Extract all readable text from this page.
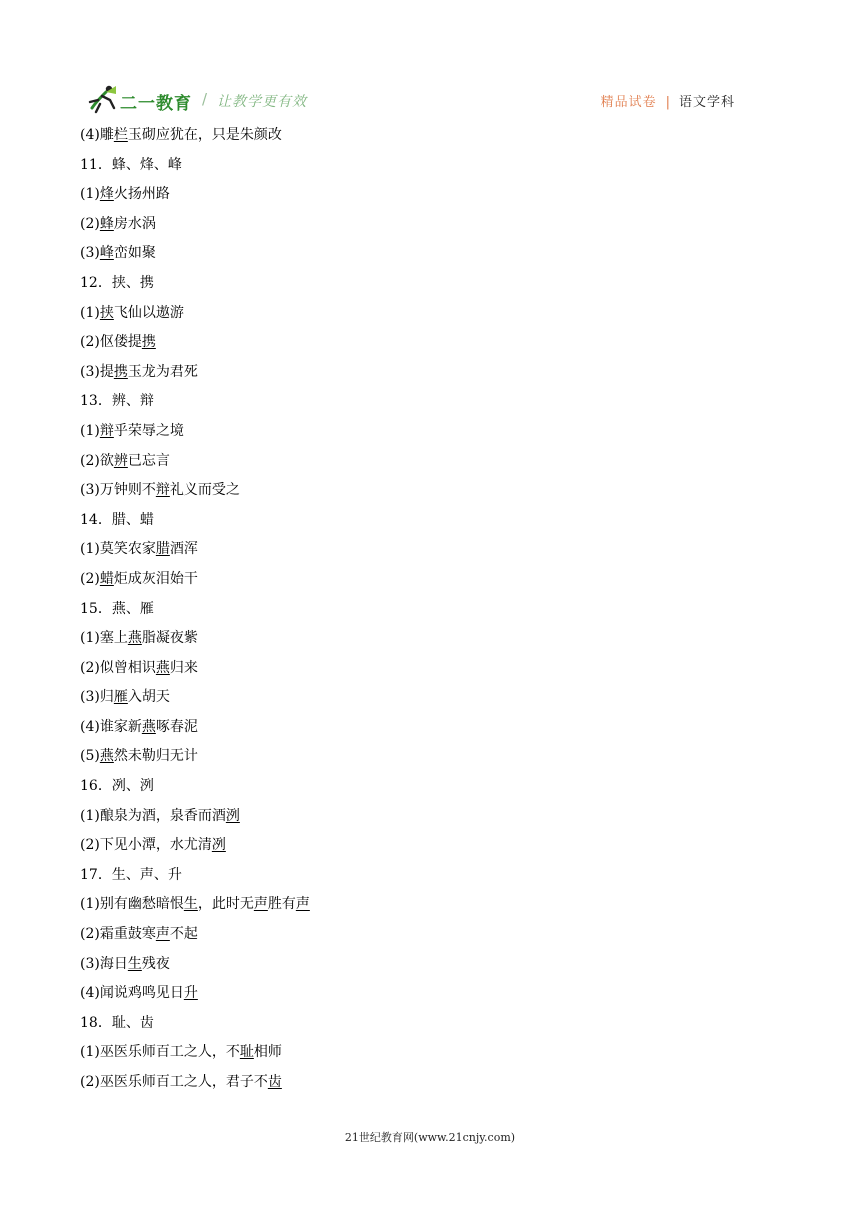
二一教育 / 让教学更有效	精品试卷 | 语文学科
(4)雕栏玉砌应犹在，只是朱颜改
11．蜂、烽、峰
(1)烽火扬州路
(2)蜂房水涡
(3)峰峦如聚
12．挟、携
(1)挟飞仙以遨游
(2)伛偻提携
(3)提携玉龙为君死
13．辨、辩
(1)辩乎荣辱之境
(2)欲辨已忘言
(3)万钟则不辩礼义而受之
14．腊、蜡
(1)莫笑农家腊酒浑
(2)蜡炬成灰泪始干
15．燕、雁
(1)塞上燕脂凝夜紫
(2)似曾相识燕归来
(3)归雁入胡天
(4)谁家新燕啄春泥
(5)燕然未勒归无计
16．冽、洌
(1)酿泉为酒，泉香而酒洌
(2)下见小潭，水尤清冽
17．生、声、升
(1)别有幽愁暗恨生，此时无声胜有声
(2)霜重鼓寒声不起
(3)海日生残夜
(4)闻说鸡鸣见日升
18．耻、齿
(1)巫医乐师百工之人，不耻相师
(2)巫医乐师百工之人，君子不齿
21世纪教育网(www.21cnjy.com)
